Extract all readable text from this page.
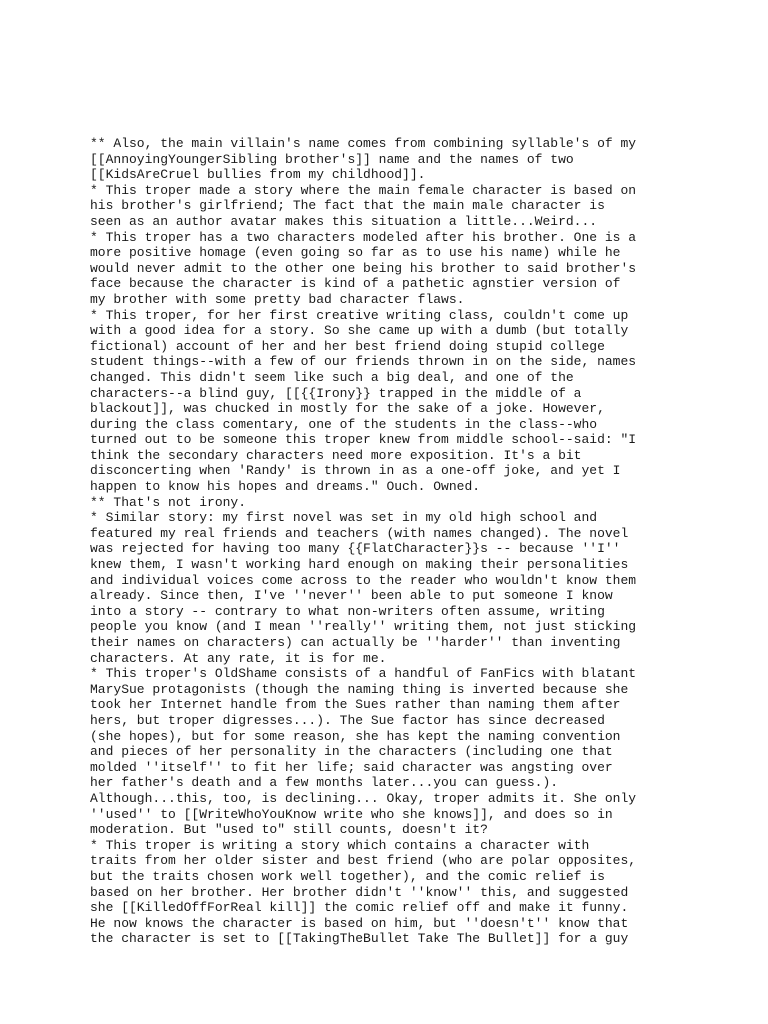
** Also, the main villain's name comes from combining syllable's of my
[[AnnoyingYoungerSibling brother's]] name and the names of two
[[KidsAreCruel bullies from my childhood]].
* This troper made a story where the main female character is based on
his brother's girlfriend; The fact that the main male character is
seen as an author avatar makes this situation a little...Weird...
* This troper has a two characters modeled after his brother. One is a
more positive homage (even going so far as to use his name) while he
would never admit to the other one being his brother to said brother's
face because the character is kind of a pathetic agnstier version of
my brother with some pretty bad character flaws.
* This troper, for her first creative writing class, couldn't come up
with a good idea for a story. So she came up with a dumb (but totally
fictional) account of her and her best friend doing stupid college
student things--with a few of our friends thrown in on the side, names
changed. This didn't seem like such a big deal, and one of the
characters--a blind guy, [[{{Irony}} trapped in the middle of a
blackout]], was chucked in mostly for the sake of a joke. However,
during the class comentary, one of the students in the class--who
turned out to be someone this troper knew from middle school--said: "I
think the secondary characters need more exposition. It's a bit
disconcerting when 'Randy' is thrown in as a one-off joke, and yet I
happen to know his hopes and dreams." Ouch. Owned.
** That's not irony.
* Similar story: my first novel was set in my old high school and
featured my real friends and teachers (with names changed). The novel
was rejected for having too many {{FlatCharacter}}s -- because ''I''
knew them, I wasn't working hard enough on making their personalities
and individual voices come across to the reader who wouldn't know them
already. Since then, I've ''never'' been able to put someone I know
into a story -- contrary to what non-writers often assume, writing
people you know (and I mean ''really'' writing them, not just sticking
their names on characters) can actually be ''harder'' than inventing
characters. At any rate, it is for me.
* This troper's OldShame consists of a handful of FanFics with blatant
MarySue protagonists (though the naming thing is inverted because she
took her Internet handle from the Sues rather than naming them after
hers, but troper digresses...). The Sue factor has since decreased
(she hopes), but for some reason, she has kept the naming convention
and pieces of her personality in the characters (including one that
molded ''itself'' to fit her life; said character was angsting over
her father's death and a few months later...you can guess.).
Although...this, too, is declining... Okay, troper admits it. She only
''used'' to [[WriteWhoYouKnow write who she knows]], and does so in
moderation. But "used to" still counts, doesn't it?
* This troper is writing a story which contains a character with
traits from her older sister and best friend (who are polar opposites,
but the traits chosen work well together), and the comic relief is
based on her brother. Her brother didn't ''know'' this, and suggested
she [[KilledOffForReal kill]] the comic relief off and make it funny.
He now knows the character is based on him, but ''doesn't'' know that
the character is set to [[TakingTheBullet Take The Bullet]] for a guy
